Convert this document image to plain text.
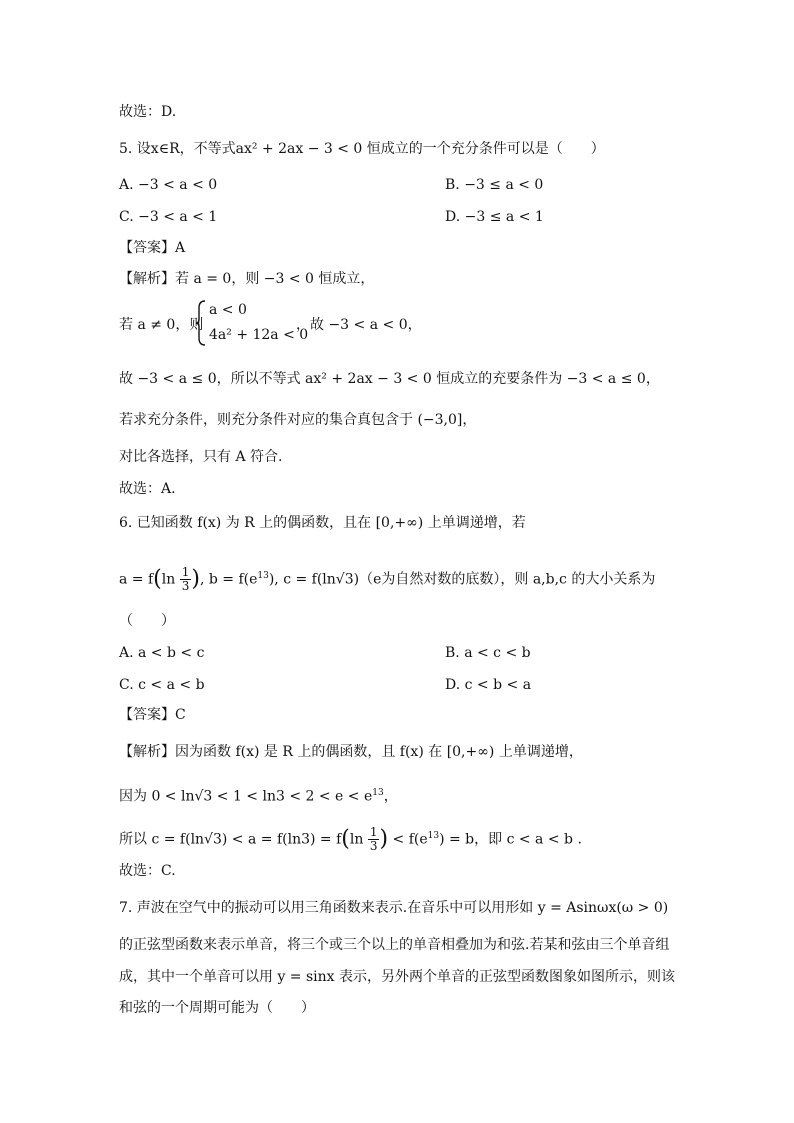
故选：D.
5. 设x∈R，不等式ax² + 2ax − 3 < 0 恒成立的一个充分条件可以是（　　）
A. −3 < a < 0	B. −3 ≤ a < 0
C. −3 < a < 1	D. −3 ≤ a < 1
【答案】A
【解析】若 a = 0，则 −3 < 0 恒成立，
若 a ≠ 0，则
a < 0
4a² + 12a < 0
，故 −3 < a < 0，
故 −3 < a ≤ 0，所以不等式 ax² + 2ax − 3 < 0 恒成立的充要条件为 −3 < a ≤ 0，
若求充分条件，则充分条件对应的集合真包含于 (−3,0]，
对比各选择，只有 A 符合.
故选：A.
6. 已知函数 f(x) 为 R 上的偶函数，且在 [0,+∞) 上单调递增，若
$a = f(\ln \frac{1}{3}$ ), $b = f(e^{13})$, c = f(ln√3)（e为自然对数的底数），则 a,b,c 的大小关系为
（　　）
A. a < b < c	B. a < c < b
C. c < a < b	D. c < b < a
【答案】C
【解析】因为函数 f(x) 是 R 上的偶函数，且 f(x) 在 [0,+∞) 上单调递增，
因为 $0 < \ln√3 < 1 < \ln 3 < 2 < e < e^{13}$，
所以 $c = f(\ln√3) < a = f(\ln 3) = f(\ln \frac{1}{3}$ ) < $f(e^{13}) = b$，即 c < a < b .
故选：C.
7. 声波在空气中的振动可以用三角函数来表示.在音乐中可以用形如 y = Asinωx(ω > 0)
的正弦型函数来表示单音，将三个或三个以上的单音相叠加为和弦.若某和弦由三个单音组
成，其中一个单音可以用 y = sinx 表示，另外两个单音的正弦型函数图象如图所示，则该
和弦的一个周期可能为（　　）
